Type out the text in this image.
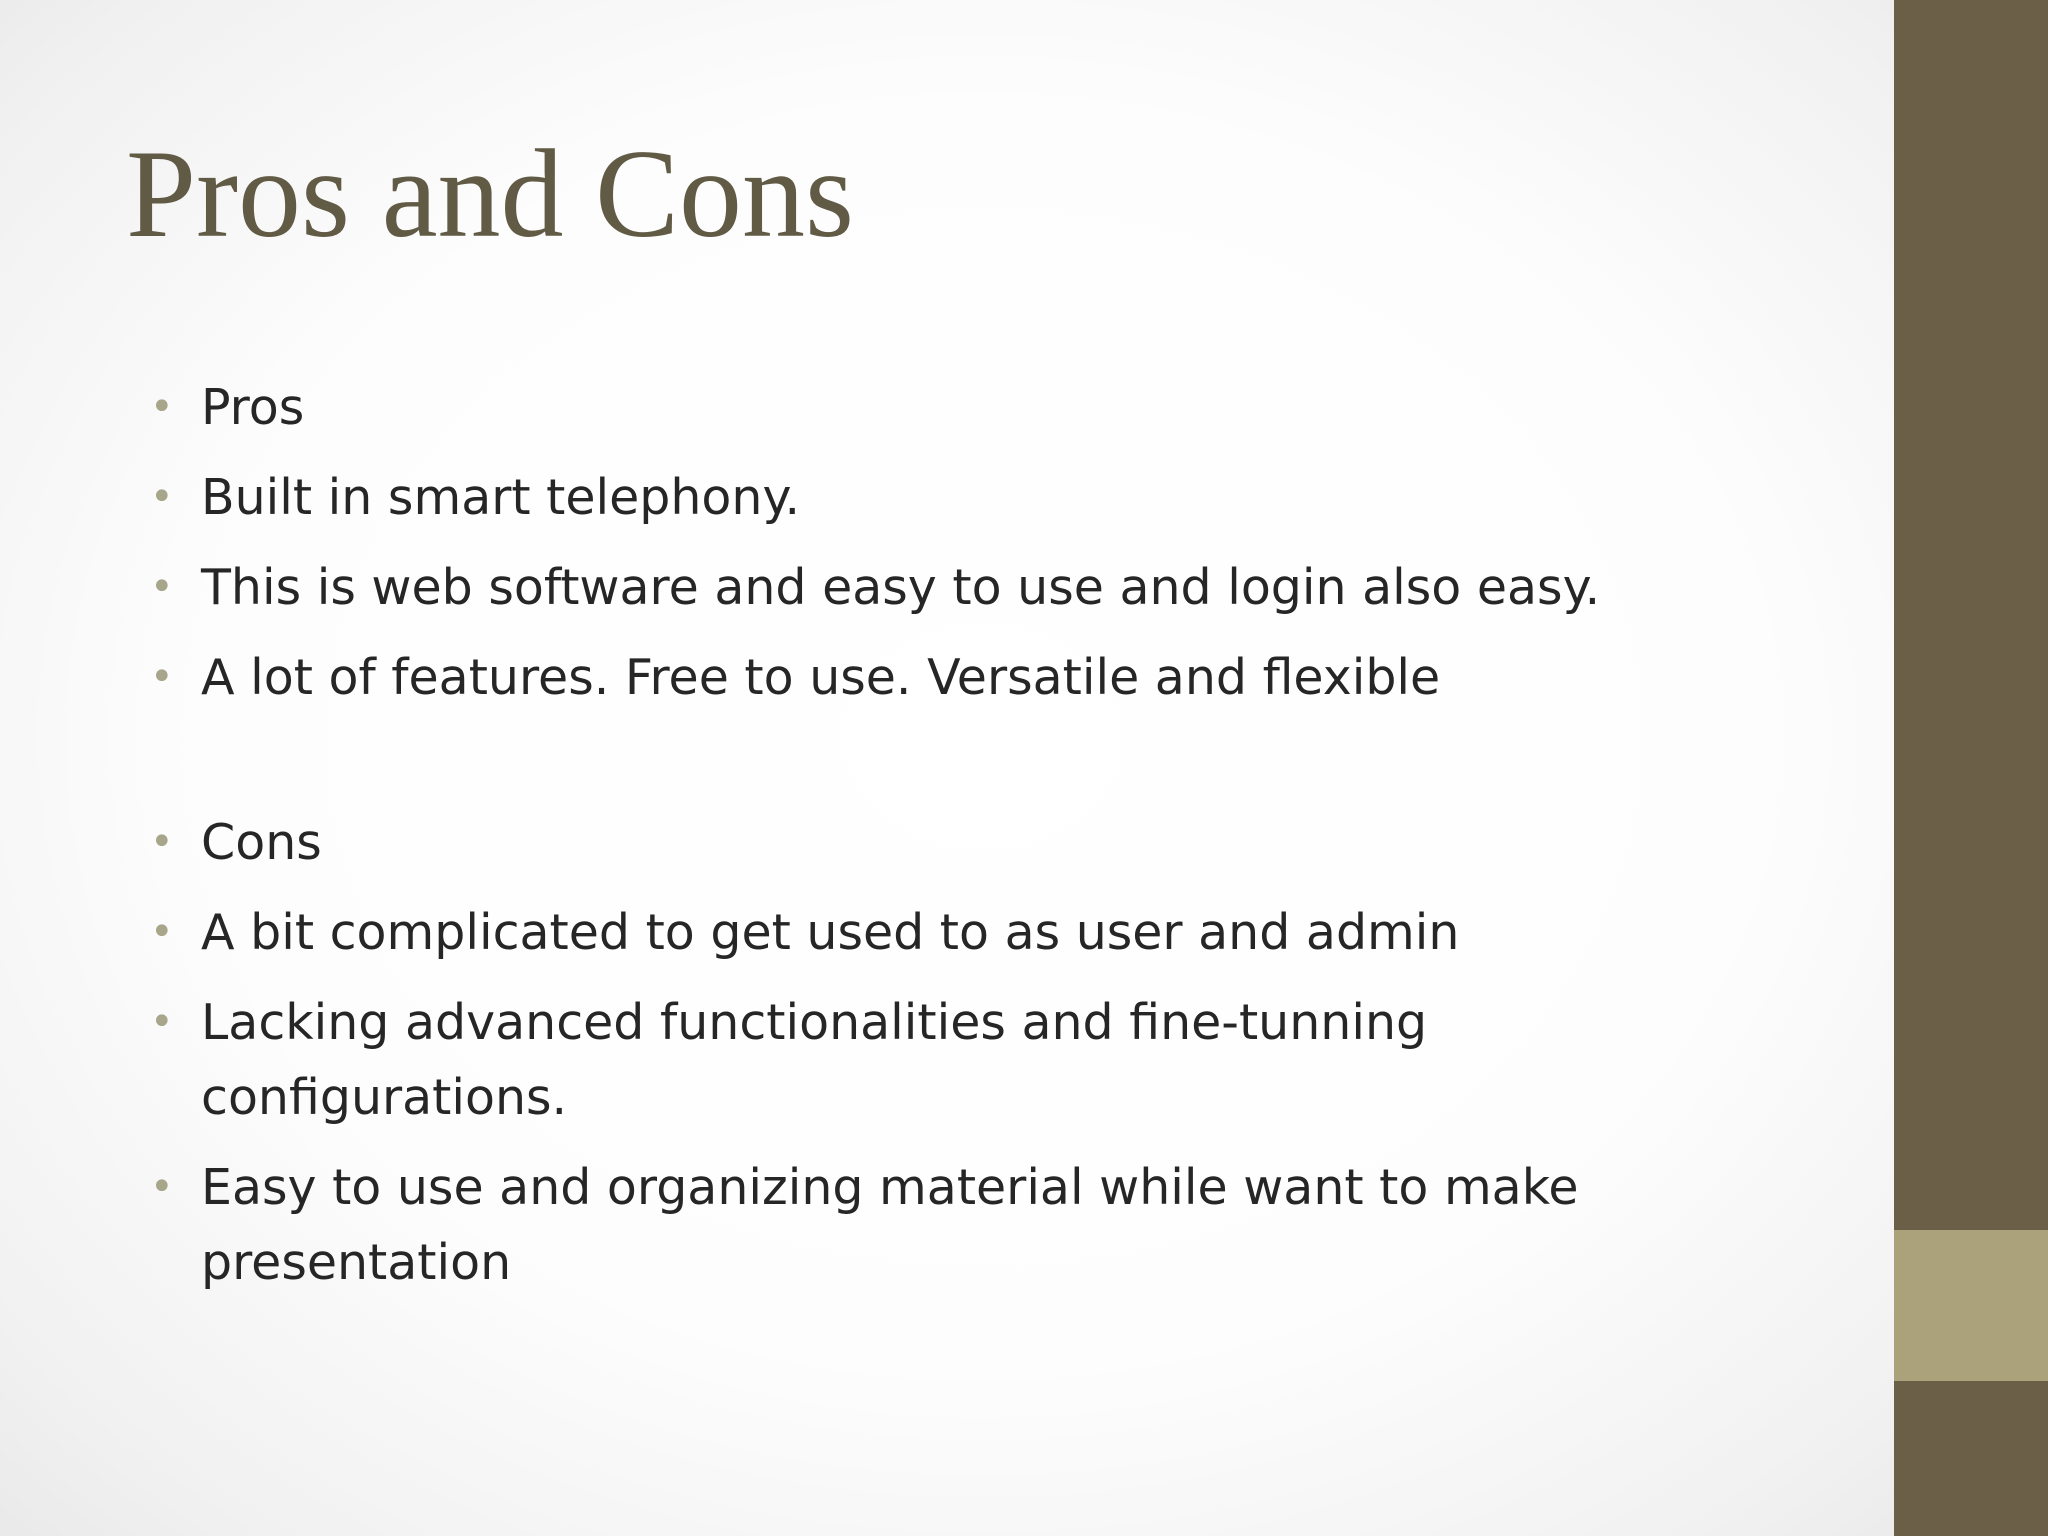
Pros and Cons
• Pros
• Built in smart telephony.
• This is web software and easy to use and login also easy.
• A lot of features. Free to use. Versatile and flexible
• Cons
• A bit complicated to get used to as user and admin
• Lacking advanced functionalities and fine-tunning configurations.
• Easy to use and organizing material while want to make presentation
